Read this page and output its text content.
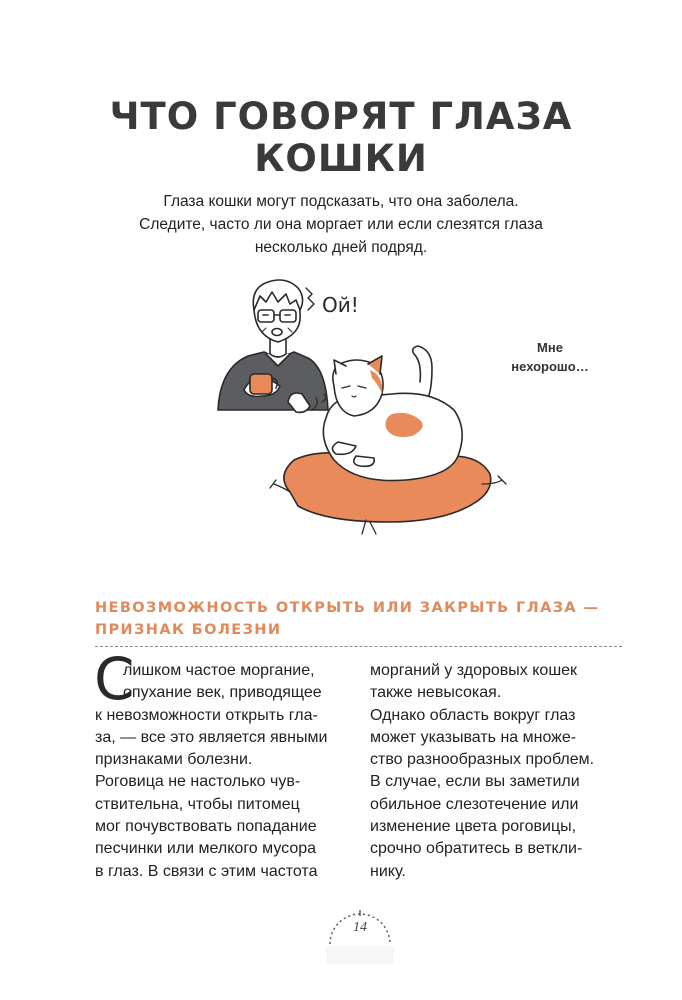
ЧТО ГОВОРЯТ ГЛАЗА
КОШКИ

Глаза кошки могут подсказать, что она заболела.
Следите, часто ли она моргает или если слезятся глаза
несколько дней подряд.

Ой!
Мне
нехорошо…
НЕВОЗМОЖНОСТЬ ОТКРЫТЬ ИЛИ ЗАКРЫТЬ ГЛАЗА —
ПРИЗНАК БОЛЕЗНИ
С
лишком частое моргание,
опухание век, приводящее
к невозможности открыть гла-
за, — все это является явными
признаками болезни.
Роговица не настолько чув-
ствительна, чтобы питомец
мог почувствовать попадание
песчинки или мелкого мусора
в глаз. В связи с этим частота
морганий у здоровых кошек
также невысокая.
Однако область вокруг глаз
может указывать на множе-
ство разнообразных проблем.
В случае, если вы заметили
обильное слезотечение или
изменение цвета роговицы,
срочно обратитесь в веткли-
нику.
14
